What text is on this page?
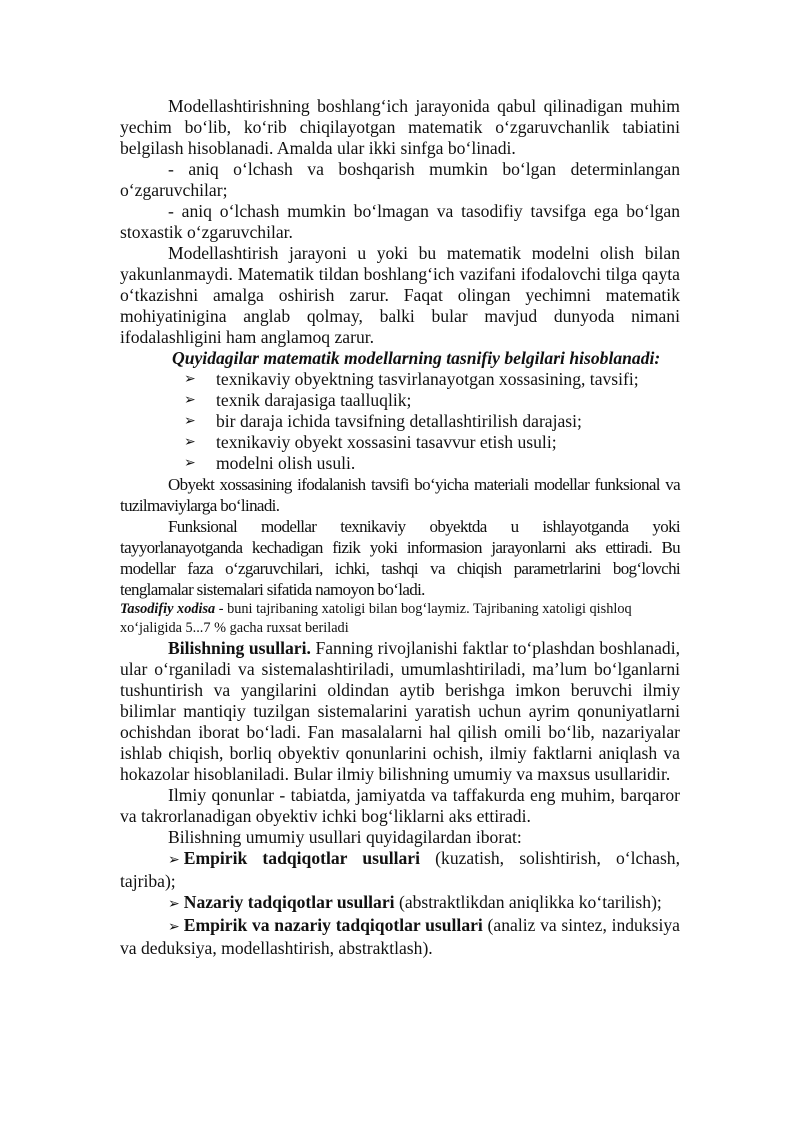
Modellashtirishning boshlang‘ich jarayonida qabul qilinadigan muhim yechim bo‘lib, ko‘rib chiqilayotgan matematik o‘zgaruvchanlik tabiatini belgilash hisoblanadi. Amalda ular ikki sinfga bo‘linadi.

- aniq o‘lchash va boshqarish mumkin bo‘lgan determinlangan o‘zgaruvchilar;

- aniq o‘lchash mumkin bo‘lmagan va tasodifiy tavsifga ega bo‘lgan stoxastik o‘zgaruvchilar.

Modellashtirish jarayoni u yoki bu matematik modelni olish bilan yakunlanmaydi. Matematik tildan boshlang‘ich vazifani ifodalovchi tilga qayta o‘tkazishni amalga oshirish zarur. Faqat olingan yechimni matematik mohiyatinigina anglab qolmay, balki bular mavjud dunyoda nimani ifodalashligini ham anglamoq zarur.

Quyidagilar matematik modellarning tasnifiy belgilari hisoblanadi:

➢ texnikaviy obyektning tasvirlanayotgan xossasining, tavsifi;
➢ texnik darajasiga taalluqlik;
➢ bir daraja ichida tavsifning detallashtirilish darajasi;
➢ texnikaviy obyekt xossasini tasavvur etish usuli;
➢ modelni olish usuli.

Obyekt xossasining ifodalanish tavsifi bo‘yicha materiali modellar funksional va tuzilmaviylarga bo‘linadi.

Funksional modellar texnikaviy obyektda u ishlayotganda yoki tayyorlanayotganda kechadigan fizik yoki informasion jarayonlarni aks ettiradi. Bu modellar faza o‘zgaruvchilari, ichki, tashqi va chiqish parametrlarini bog‘lovchi tenglamalar sistemalari sifatida namoyon bo‘ladi.

Tasodifiy xodisa - buni tajribaning xatoligi bilan bog‘laymiz. Tajribaning xatoligi qishloq xo‘jaligida 5...7 % gacha ruxsat beriladi

Bilishning usullari. Fanning rivojlanishi faktlar to‘plashdan boshlanadi, ular o‘rganiladi va sistemalashtiriladi, umumlashtiriladi, ma’lum bo‘lganlarni tushuntirish va yangilarini oldindan aytib berishga imkon beruvchi ilmiy bilimlar mantiqiy tuzilgan sistemalarini yaratish uchun ayrim qonuniyatlarni ochishdan iborat bo‘ladi. Fan masalalarni hal qilish omili bo‘lib, nazariyalar ishlab chiqish, borliq obyektiv qonunlarini ochish, ilmiy faktlarni aniqlash va hokazolar hisoblaniladi. Bular ilmiy bilishning umumiy va maxsus usullaridir.

Ilmiy qonunlar - tabiatda, jamiyatda va taffakurda eng muhim, barqaror va takrorlanadigan obyektiv ichki bog‘liklarni aks ettiradi.

Bilishning umumiy usullari quyidagilardan iborat:

➢ Empirik tadqiqotlar usullari (kuzatish, solishtirish, o‘lchash, tajriba);

➢ Nazariy tadqiqotlar usullari (abstraktlikdan aniqlikka ko‘tarilish);

➢ Empirik va nazariy tadqiqotlar usullari (analiz va sintez, induksiya va deduksiya, modellashtirish, abstraktlash).
